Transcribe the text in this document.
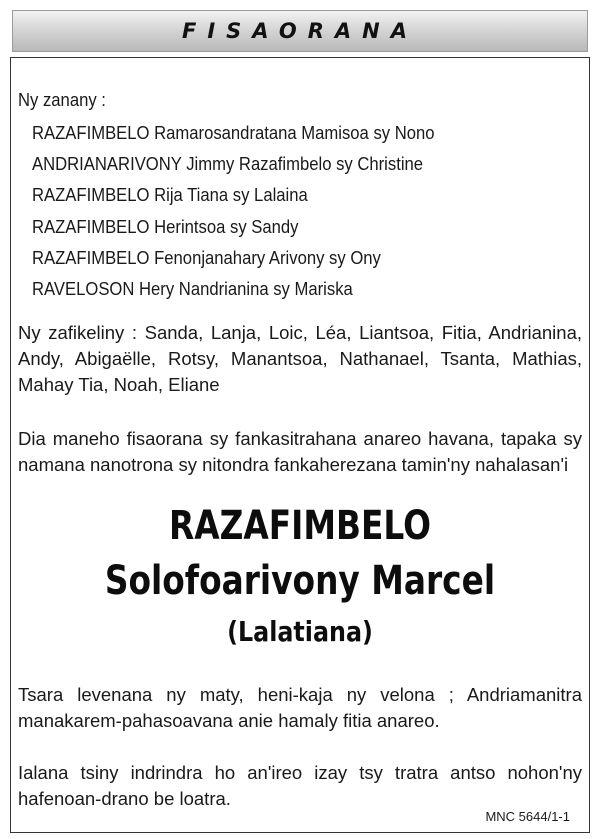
FISAORANA
Ny zanany :
RAZAFIMBELO Ramarosandratana Mamisoa sy Nono
ANDRIANARIVONY Jimmy Razafimbelo sy Christine
RAZAFIMBELO Rija Tiana sy Lalaina
RAZAFIMBELO Herintsoa sy Sandy
RAZAFIMBELO Fenonjanahary Arivony sy Ony
RAVELOSON Hery Nandrianina sy Mariska
Ny zafikeliny : Sanda, Lanja, Loic, Léa, Liantsoa, Fitia, Andrianina, Andy, Abigaëlle, Rotsy, Manantsoa, Nathanael, Tsanta, Mathias, Mahay Tia, Noah, Eliane
Dia maneho fisaorana sy fankasitrahana anareo havana, tapaka sy namana nanotrona sy nitondra fankaherezana tamin'ny nahalasan'i
RAZAFIMBELO
Solofoarivony Marcel
(Lalatiana)
Tsara levenana ny maty, heni-kaja ny velona ; Andriamanitra manakarem-pahasoavana anie hamaly fitia anareo.
Ialana tsiny indrindra ho an'ireo izay tsy tratra antso nohon'ny hafenoan-drano be loatra.
MNC 5644/1-1
